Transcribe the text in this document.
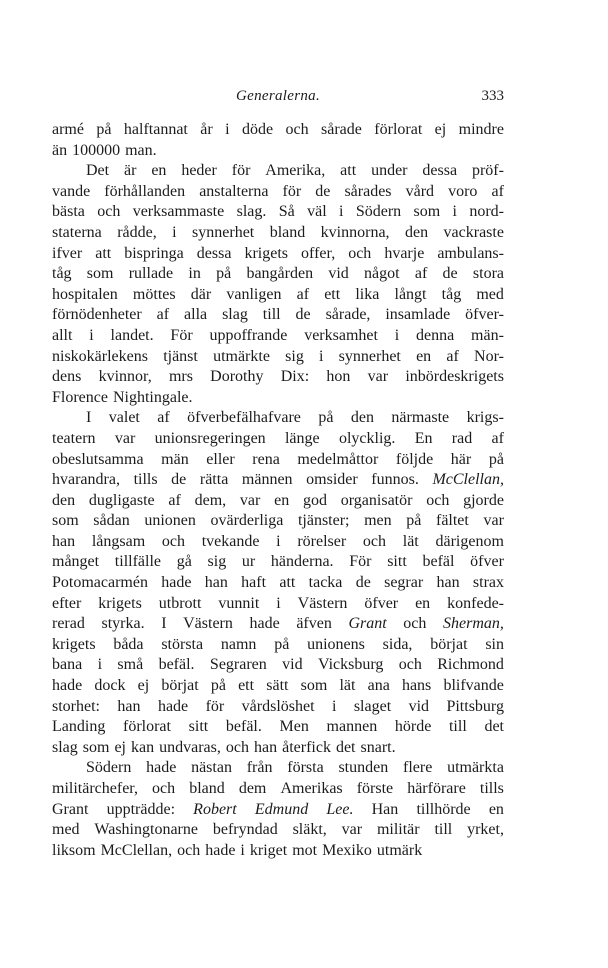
Generalerna.	333
armé på halftannat år i döde och sårade förlorat ej mindre
än 100000 man.
Det är en heder för Amerika, att under dessa pröf-
vande förhållanden anstalterna för de sårades vård voro af
bästa och verksammaste slag. Så väl i Södern som i nord-
staterna rådde, i synnerhet bland kvinnorna, den vackraste
ifver att bispringa dessa krigets offer, och hvarje ambulans-
tåg som rullade in på bangården vid något af de stora
hospitalen möttes där vanligen af ett lika långt tåg med
förnödenheter af alla slag till de sårade, insamlade öfver-
allt i landet. För uppoffrande verksamhet i denna män-
niskokärlekens tjänst utmärkte sig i synnerhet en af Nor-
dens kvinnor, mrs Dorothy Dix: hon var inbördeskrigets
Florence Nightingale.
I valet af öfverbefälhafvare på den närmaste krigs-
teatern var unionsregeringen länge olycklig. En rad af
obeslutsamma män eller rena medelmåttor följde här på
hvarandra, tills de rätta männen omsider funnos. McClellan,
den dugligaste af dem, var en god organisatör och gjorde
som sådan unionen ovärderliga tjänster; men på fältet var
han långsam och tvekande i rörelser och lät därigenom
månget tillfälle gå sig ur händerna. För sitt befäl öfver
Potomacarmén hade han haft att tacka de segrar han strax
efter krigets utbrott vunnit i Västern öfver en konfede-
rerad styrka. I Västern hade äfven Grant och Sherman,
krigets båda största namn på unionens sida, börjat sin
bana i små befäl. Segraren vid Vicksburg och Richmond
hade dock ej börjat på ett sätt som lät ana hans blifvande
storhet: han hade för vårdslöshet i slaget vid Pittsburg
Landing förlorat sitt befäl. Men mannen hörde till det
slag som ej kan undvaras, och han återfick det snart.
Södern hade nästan från första stunden flere utmärkta
militärchefer, och bland dem Amerikas förste härförare tills
Grant uppträdde: Robert Edmund Lee. Han tillhörde en
med Washingtonarne befryndad släkt, var militär till yrket,
liksom McClellan, och hade i kriget mot Mexiko utmärk
